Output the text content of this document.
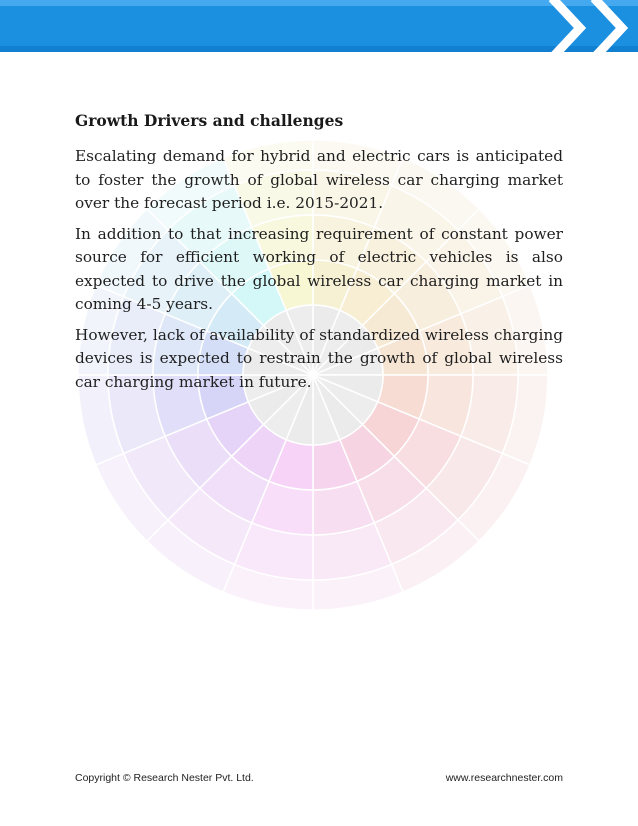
Growth Drivers and challenges

Escalating demand for hybrid and electric cars is anticipated to foster the growth of global wireless car charging market over the forecast period i.e. 2015-2021.

In addition to that increasing requirement of constant power source for efficient working of electric vehicles is also expected to drive the global wireless car charging market in coming 4-5 years.

However, lack of availability of standardized wireless charging devices is expected to restrain the growth of global wireless car charging market in future.

Copyright © Research Nester Pvt. Ltd.	www.researchnester.com
